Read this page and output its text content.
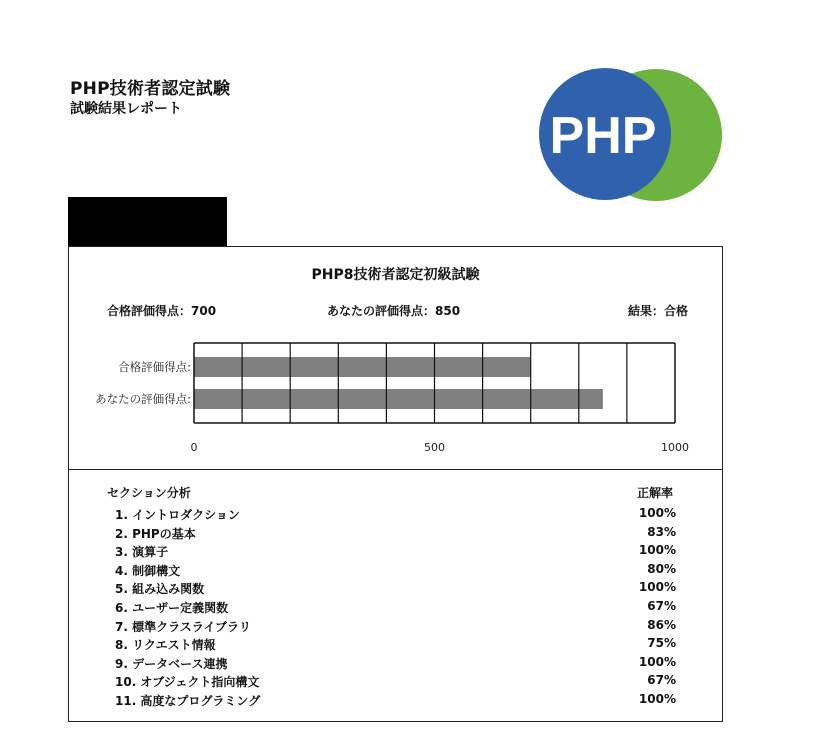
PHP技術者認定試験
試験結果レポート	PHP
PHP8技術者認定初級試験
合格評価得点：700	あなたの評価得点：850	結果：合格
合格評価得点:
あなたの評価得点:
0	500	1000
セクション分析	正解率
1. イントロダクション	100%
2. PHPの基本	83%
3. 演算子	100%
4. 制御構文	80%
5. 組み込み関数	100%
6. ユーザー定義関数	67%
7. 標準クラスライブラリ	86%
8. リクエスト情報	75%
9. データベース連携	100%
10. オブジェクト指向構文	67%
11. 高度なプログラミング	100%
